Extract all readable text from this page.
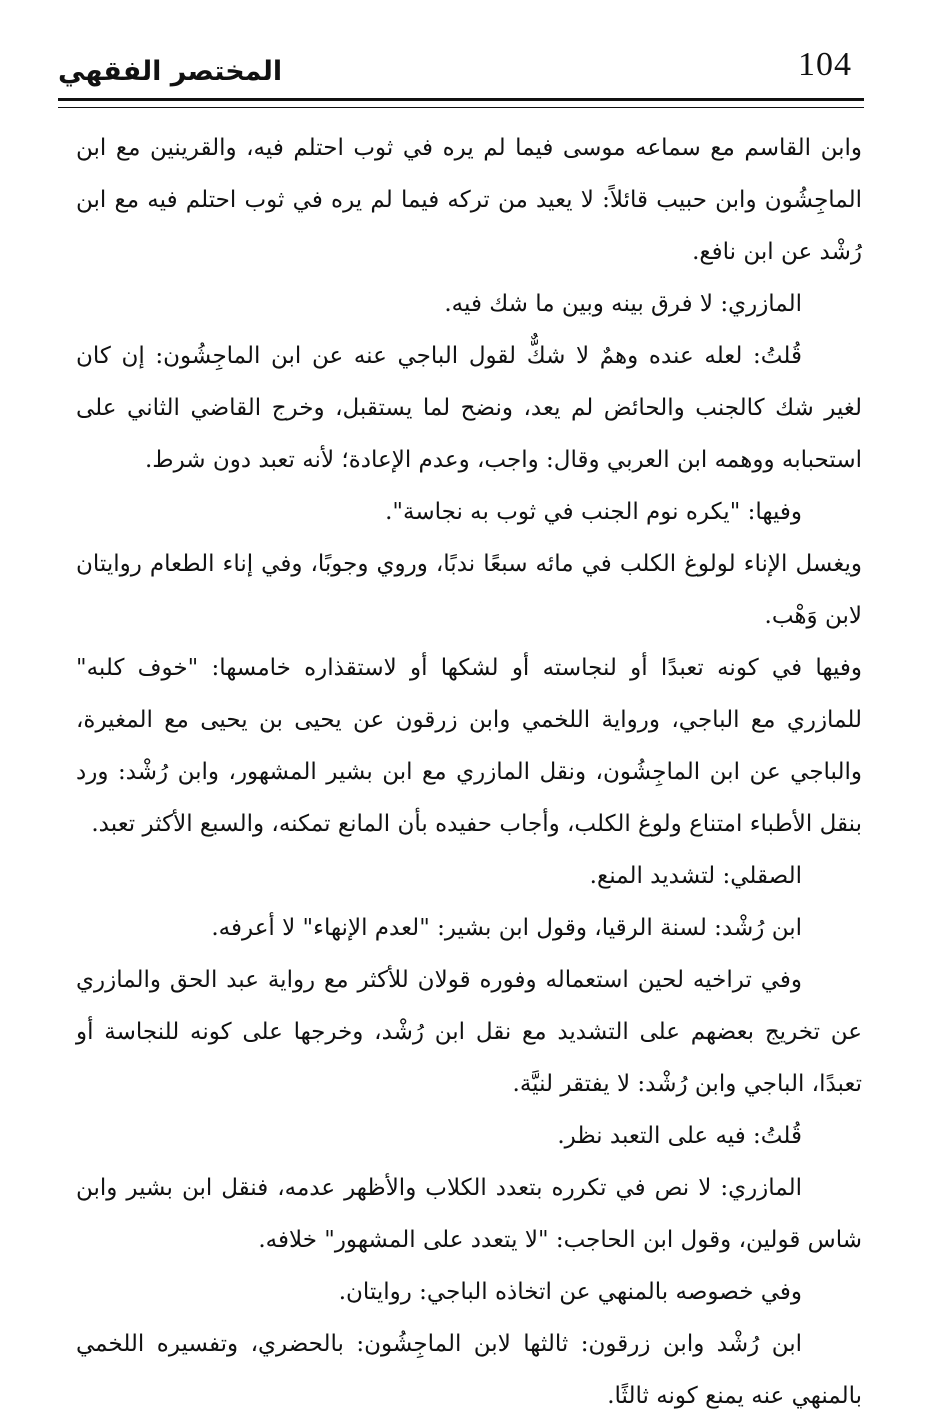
104
المختصر الفقهي

وابن القاسم مع سماعه موسى فيما لم يره في ثوب احتلم فيه، والقرينين مع ابن الماجِشُون وابن حبيب قائلاً: لا يعيد من تركه فيما لم يره في ثوب احتلم فيه مع ابن رُشْد عن ابن نافع.

المازري: لا فرق بينه وبين ما شك فيه.

قُلتُ: لعله عنده وهمٌ لا شكٌّ لقول الباجي عنه عن ابن الماجِشُون: إن كان لغير شك كالجنب والحائض لم يعد، ونضح لما يستقبل، وخرج القاضي الثاني على استحبابه ووهمه ابن العربي وقال: واجب، وعدم الإعادة؛ لأنه تعبد دون شرط.

وفيها: "يكره نوم الجنب في ثوب به نجاسة".

ويغسل الإناء لولوغ الكلب في مائه سبعًا ندبًا، وروي وجوبًا، وفي إناء الطعام روايتان لابن وَهْب.

وفيها في كونه تعبدًا أو لنجاسته أو لشكها أو لاستقذاره خامسها: "خوف كلبه" للمازري مع الباجي، ورواية اللخمي وابن زرقون عن يحيى بن يحيى مع المغيرة، والباجي عن ابن الماجِشُون، ونقل المازري مع ابن بشير المشهور، وابن رُشْد: ورد بنقل الأطباء امتناع ولوغ الكلب، وأجاب حفيده بأن المانع تمكنه، والسبع الأكثر تعبد.

الصقلي: لتشديد المنع.

ابن رُشْد: لسنة الرقيا، وقول ابن بشير: "لعدم الإنهاء" لا أعرفه.

وفي تراخيه لحين استعماله وفوره قولان للأكثر مع رواية عبد الحق والمازري عن تخريج بعضهم على التشديد مع نقل ابن رُشْد، وخرجها على كونه للنجاسة أو تعبدًا، الباجي وابن رُشْد: لا يفتقر لنيَّة.

قُلتُ: فيه على التعبد نظر.

المازري: لا نص في تكرره بتعدد الكلاب والأظهر عدمه، فنقل ابن بشير وابن شاس قولين، وقول ابن الحاجب: "لا يتعدد على المشهور" خلافه.

وفي خصوصه بالمنهي عن اتخاذه الباجي: روايتان.

ابن رُشْد وابن زرقون: ثالثها لابن الماجِشُون: بالحضري، وتفسيره اللخمي بالمنهي عنه يمنع كونه ثالثًا.
